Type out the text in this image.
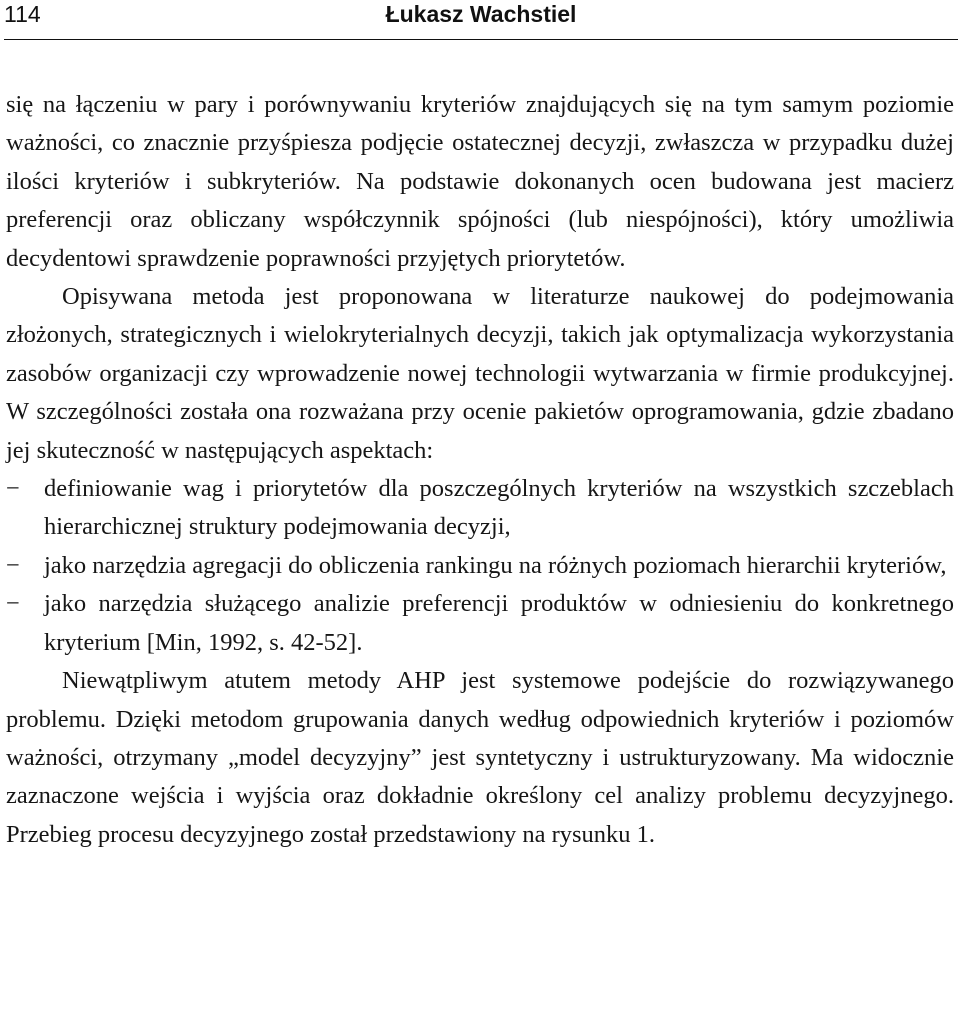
114	Łukasz Wachstiel

się na łączeniu w pary i porównywaniu kryteriów znajdujących się na tym samym poziomie ważności, co znacznie przyśpiesza podjęcie ostatecznej decyzji, zwłaszcza w przypadku dużej ilości kryteriów i subkryteriów. Na podstawie dokonanych ocen budowana jest macierz preferencji oraz obliczany współczynnik spójności (lub niespójności), który umożliwia decydentowi sprawdzenie poprawności przyjętych priorytetów.

Opisywana metoda jest proponowana w literaturze naukowej do podejmowania złożonych, strategicznych i wielokryterialnych decyzji, takich jak optymalizacja wykorzystania zasobów organizacji czy wprowadzenie nowej technologii wytwarzania w firmie produkcyjnej. W szczególności została ona rozważana przy ocenie pakietów oprogramowania, gdzie zbadano jej skuteczność w następujących aspektach:

− definiowanie wag i priorytetów dla poszczególnych kryteriów na wszystkich szczeblach hierarchicznej struktury podejmowania decyzji,
− jako narzędzia agregacji do obliczenia rankingu na różnych poziomach hierarchii kryteriów,
− jako narzędzia służącego analizie preferencji produktów w odniesieniu do konkretnego kryterium [Min, 1992, s. 42-52].

Niewątpliwym atutem metody AHP jest systemowe podejście do rozwiązywanego problemu. Dzięki metodom grupowania danych według odpowiednich kryteriów i poziomów ważności, otrzymany „model decyzyjny” jest syntetyczny i ustrukturyzowany. Ma widocznie zaznaczone wejścia i wyjścia oraz dokładnie określony cel analizy problemu decyzyjnego. Przebieg procesu decyzyjnego został przedstawiony na rysunku 1.
